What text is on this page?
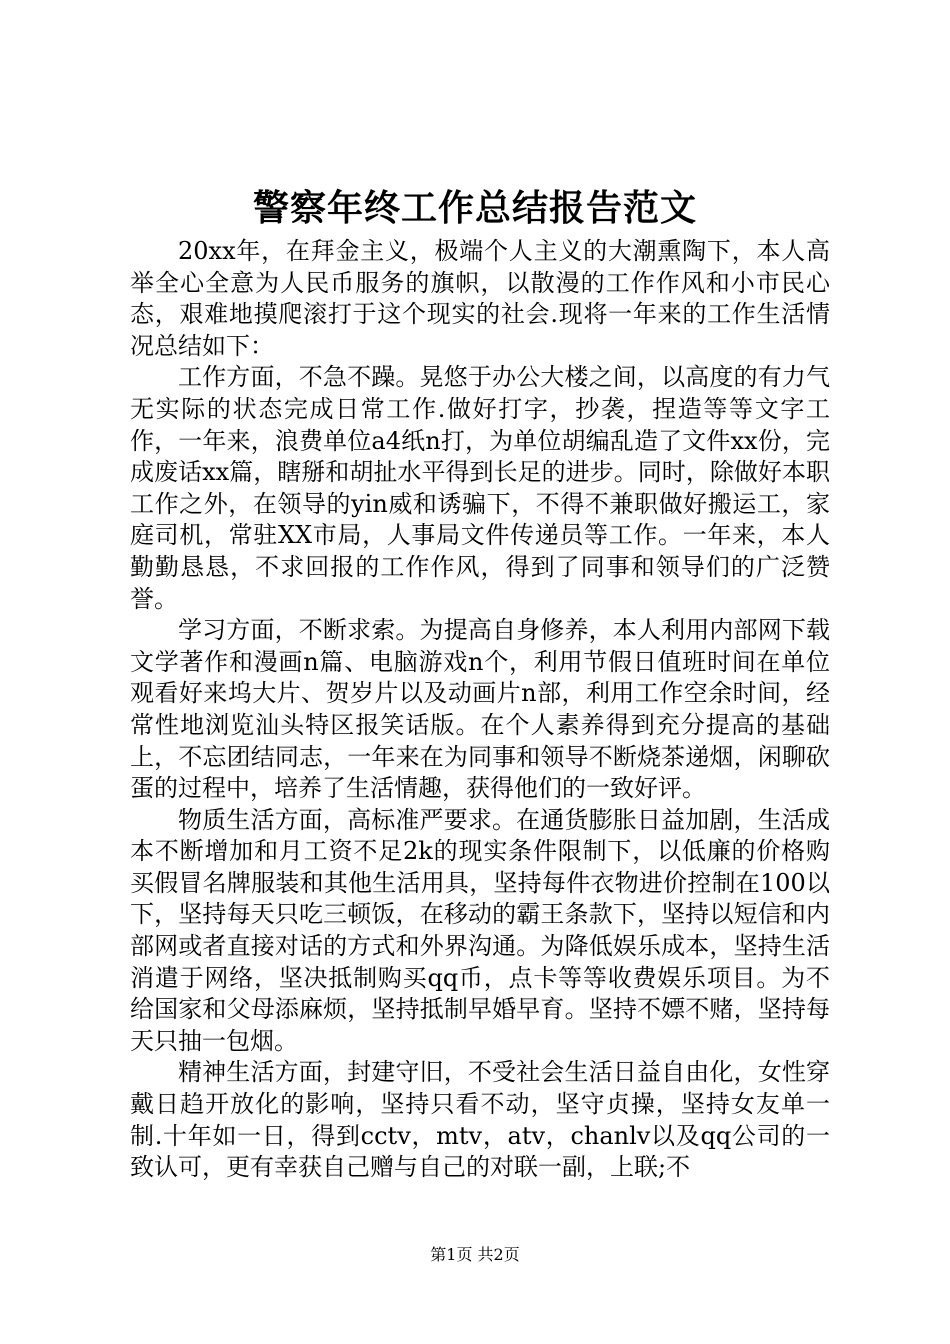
警察年终工作总结报告范文

20xx年，在拜金主义，极端个人主义的大潮熏陶下，本人高举全心全意为人民币服务的旗帜，以散漫的工作作风和小市民心态，艰难地摸爬滚打于这个现实的社会.现将一年来的工作生活情况总结如下：

工作方面，不急不躁。晃悠于办公大楼之间，以高度的有力气无实际的状态完成日常工作.做好打字，抄袭，捏造等等文字工作，一年来，浪费单位a4纸n打，为单位胡编乱造了文件xx份，完成废话xx篇，瞎掰和胡扯水平得到长足的进步。同时，除做好本职工作之外，在领导的yin威和诱骗下，不得不兼职做好搬运工，家庭司机，常驻XX市局，人事局文件传递员等工作。一年来，本人勤勤恳恳，不求回报的工作作风，得到了同事和领导们的广泛赞誉。

学习方面，不断求索。为提高自身修养，本人利用内部网下载文学著作和漫画n篇、电脑游戏n个，利用节假日值班时间在单位观看好来坞大片、贺岁片以及动画片n部，利用工作空余时间，经常性地浏览汕头特区报笑话版。在个人素养得到充分提高的基础上，不忘团结同志，一年来在为同事和领导不断烧茶递烟，闲聊砍蛋的过程中，培养了生活情趣，获得他们的一致好评。

物质生活方面，高标准严要求。在通货膨胀日益加剧，生活成本不断增加和月工资不足2k的现实条件限制下，以低廉的价格购买假冒名牌服装和其他生活用具，坚持每件衣物进价控制在100以下，坚持每天只吃三顿饭，在移动的霸王条款下，坚持以短信和内部网或者直接对话的方式和外界沟通。为降低娱乐成本，坚持生活消遣于网络，坚决抵制购买qq币，点卡等等收费娱乐项目。为不给国家和父母添麻烦，坚持抵制早婚早育。坚持不嫖不赌，坚持每天只抽一包烟。

精神生活方面，封建守旧，不受社会生活日益自由化，女性穿戴日趋开放化的影响，坚持只看不动，坚守贞操，坚持女友单一制.十年如一日，得到cctv，mtv，atv，chanlv以及qq公司的一致认可，更有幸获自己赠与自己的对联一副，上联;不

第1页 共2页
